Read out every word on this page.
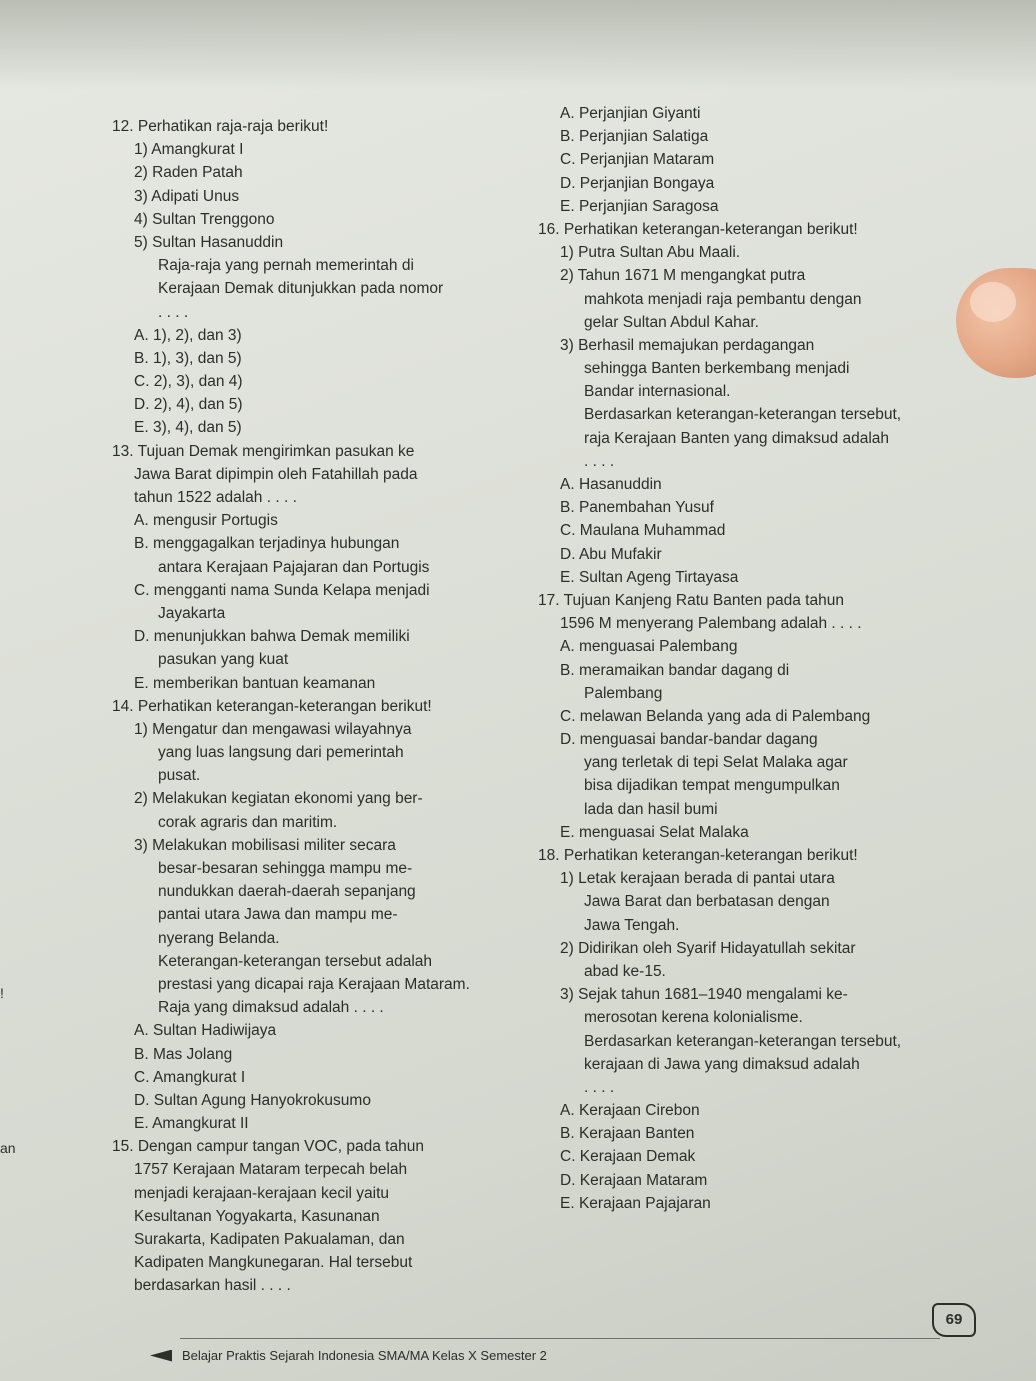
12. Perhatikan raja-raja berikut!
1) Amangkurat I
2) Raden Patah
3) Adipati Unus
4) Sultan Trenggono
5) Sultan Hasanuddin
Raja-raja yang pernah memerintah di
Kerajaan Demak ditunjukkan pada nomor
. . . .
A. 1), 2), dan 3)
B. 1), 3), dan 5)
C. 2), 3), dan 4)
D. 2), 4), dan 5)
E. 3), 4), dan 5)
13. Tujuan Demak mengirimkan pasukan ke
Jawa Barat dipimpin oleh Fatahillah pada
tahun 1522 adalah . . . .
A. mengusir Portugis
B. menggagalkan terjadinya hubungan
antara Kerajaan Pajajaran dan Portugis
C. mengganti nama Sunda Kelapa menjadi
Jayakarta
D. menunjukkan bahwa Demak memiliki
pasukan yang kuat
E. memberikan bantuan keamanan
14. Perhatikan keterangan-keterangan berikut!
1) Mengatur dan mengawasi wilayahnya
yang luas langsung dari pemerintah
pusat.
2) Melakukan kegiatan ekonomi yang ber-
corak agraris dan maritim.
3) Melakukan mobilisasi militer secara
besar-besaran sehingga mampu me-
nundukkan daerah-daerah sepanjang
pantai utara Jawa dan mampu me-
nyerang Belanda.
Keterangan-keterangan tersebut adalah
prestasi yang dicapai raja Kerajaan Mataram.
Raja yang dimaksud adalah . . . .
A. Sultan Hadiwijaya
B. Mas Jolang
C. Amangkurat I
D. Sultan Agung Hanyokrokusumo
E. Amangkurat II
15. Dengan campur tangan VOC, pada tahun
1757 Kerajaan Mataram terpecah belah
menjadi kerajaan-kerajaan kecil yaitu
Kesultanan Yogyakarta, Kasunanan
Surakarta, Kadipaten Pakualaman, dan
Kadipaten Mangkunegaran. Hal tersebut
berdasarkan hasil . . . .
A. Perjanjian Giyanti
B. Perjanjian Salatiga
C. Perjanjian Mataram
D. Perjanjian Bongaya
E. Perjanjian Saragosa
16. Perhatikan keterangan-keterangan berikut!
1) Putra Sultan Abu Maali.
2) Tahun 1671 M mengangkat putra
mahkota menjadi raja pembantu dengan
gelar Sultan Abdul Kahar.
3) Berhasil memajukan perdagangan
sehingga Banten berkembang menjadi
Bandar internasional.
Berdasarkan keterangan-keterangan tersebut,
raja Kerajaan Banten yang dimaksud adalah
. . . .
A. Hasanuddin
B. Panembahan Yusuf
C. Maulana Muhammad
D. Abu Mufakir
E. Sultan Ageng Tirtayasa
17. Tujuan Kanjeng Ratu Banten pada tahun
1596 M menyerang Palembang adalah . . . .
A. menguasai Palembang
B. meramaikan bandar dagang di
Palembang
C. melawan Belanda yang ada di Palembang
D. menguasai bandar-bandar dagang
yang terletak di tepi Selat Malaka agar
bisa dijadikan tempat mengumpulkan
lada dan hasil bumi
E. menguasai Selat Malaka
18. Perhatikan keterangan-keterangan berikut!
1) Letak kerajaan berada di pantai utara
Jawa Barat dan berbatasan dengan
Jawa Tengah.
2) Didirikan oleh Syarif Hidayatullah sekitar
abad ke-15.
3) Sejak tahun 1681–1940 mengalami ke-
merosotan kerena kolonialisme.
Berdasarkan keterangan-keterangan tersebut,
kerajaan di Jawa yang dimaksud adalah
. . . .
A. Kerajaan Cirebon
B. Kerajaan Banten
C. Kerajaan Demak
D. Kerajaan Mataram
E. Kerajaan Pajajaran
an
!
Belajar Praktis Sejarah Indonesia SMA/MA Kelas X Semester 2
69
